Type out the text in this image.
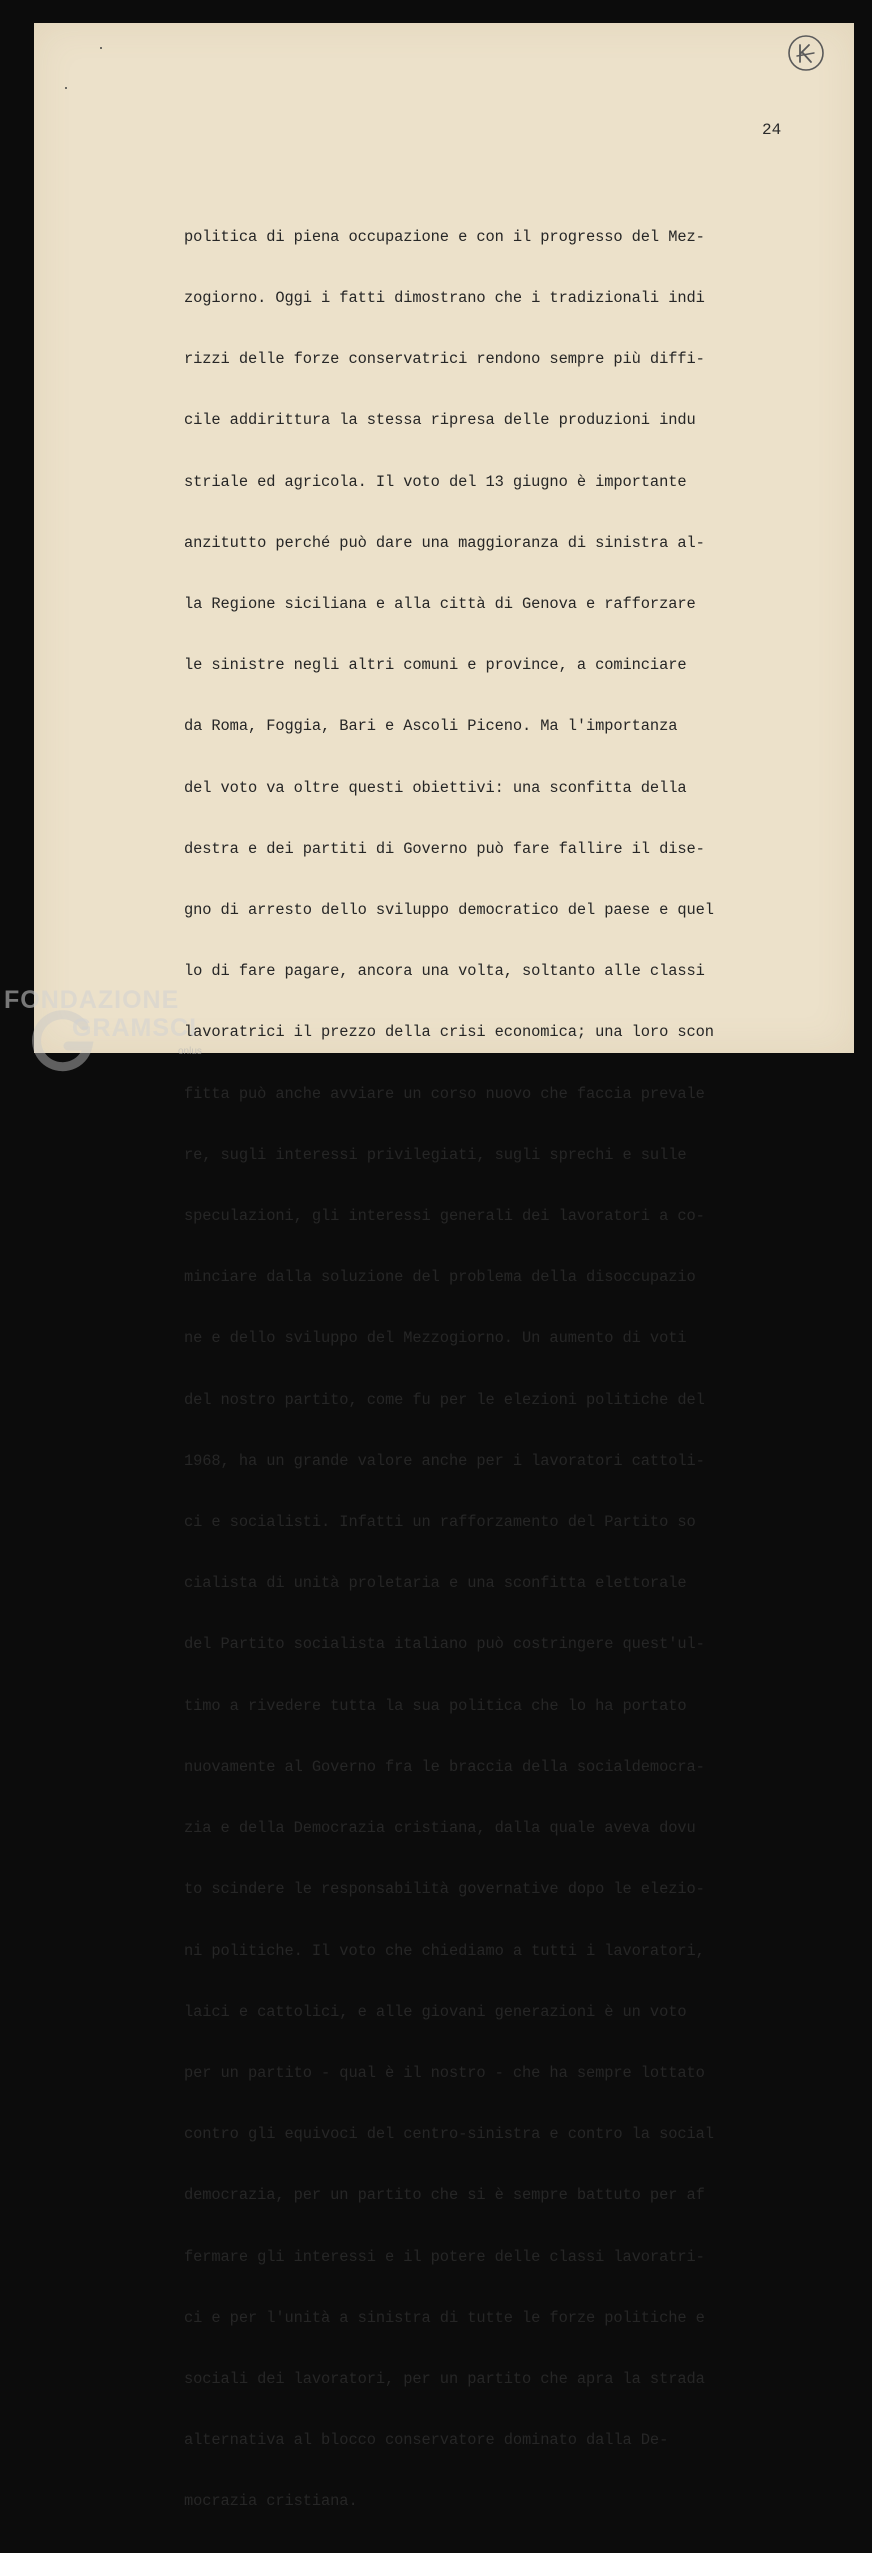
24

politica di piena occupazione e con il progresso del Mez-

zogiorno. Oggi i fatti dimostrano che i tradizionali indi

rizzi delle forze conservatrici rendono sempre più diffi-

cile addirittura la stessa ripresa delle produzioni indu

striale ed agricola. Il voto del 13 giugno è importante

anzitutto perché può dare una maggioranza di sinistra al-

la Regione siciliana e alla città di Genova e rafforzare

le sinistre negli altri comuni e province, a cominciare

da Roma, Foggia, Bari e Ascoli Piceno. Ma l'importanza

del voto va oltre questi obiettivi: una sconfitta della

destra e dei partiti di Governo può fare fallire il dise-

gno di arresto dello sviluppo democratico del paese e quel

lo di fare pagare, ancora una volta, soltanto alle classi

lavoratrici il prezzo della crisi economica; una loro scon

fitta può anche avviare un corso nuovo che faccia prevale

re, sugli interessi privilegiati, sugli sprechi e sulle

speculazioni, gli interessi generali dei lavoratori a co-

minciare dalla soluzione del problema della disoccupazio

ne e dello sviluppo del Mezzogiorno. Un aumento di voti

del nostro partito, come fu per le elezioni politiche del

1968, ha un grande valore anche per i lavoratori cattoli-

ci e socialisti. Infatti un rafforzamento del Partito so

cialista di unità proletaria e una sconfitta elettorale

del Partito socialista italiano può costringere quest'ul-

timo a rivedere tutta la sua politica che lo ha portato

nuovamente al Governo fra le braccia della socialdemocra-

zia e della Democrazia cristiana, dalla quale aveva dovu

to scindere le responsabilità governative dopo le elezio-

ni politiche. Il voto che chiediamo a tutti i lavoratori,

laici e cattolici, e alle giovani generazioni è un voto

per un partito - qual è il nostro - che ha sempre lottato

contro gli equivoci del centro-sinistra e contro la social

democrazia, per un partito che si è sempre battuto per af

fermare gli interessi e il potere delle classi lavoratri-

ci e per l'unità a sinistra di tutte le forze politiche e

sociali dei lavoratori, per un partito che apra la strada

alternativa al blocco conservatore dominato dalla De-

mocrazia cristiana.

FONDAZIONE
GRAMSCI
onlus
